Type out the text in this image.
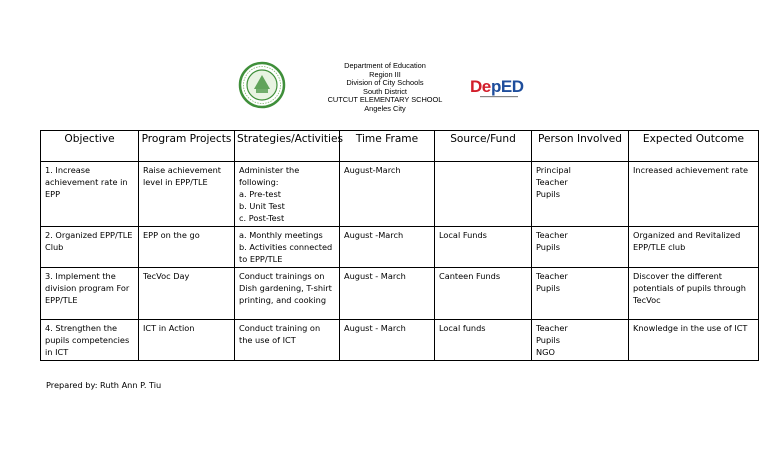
Department of Education
Region III
Division of City Schools
South District
CUTCUT ELEMENTARY SCHOOL
Angeles City
De pED
Objective	Program Projects	Strategies/Activities	Time Frame	Source/Fund	Person Involved	Expected Outcome
1. Increase achievement rate in EPP	Raise achievement level in EPP/TLE	Administer the following:
a. Pre-test
b. Unit Test
c. Post-Test	August-March		Principal
Teacher
Pupils	Increased achievement rate
2. Organized EPP/TLE Club	EPP on the go	a. Monthly meetings
b. Activities connected to EPP/TLE	August -March	Local Funds	Teacher
Pupils	Organized and Revitalized EPP/TLE club
3. Implement the division program For EPP/TLE	TecVoc Day	Conduct trainings on Dish gardening, T-shirt printing, and cooking	August - March	Canteen Funds	Teacher
Pupils	Discover the different potentials of pupils through TecVoc
4. Strengthen the pupils competencies in ICT	ICT in Action	Conduct training on the use of ICT	August - March	Local funds	Teacher
Pupils
NGO	Knowledge in the use of ICT
Prepared by: Ruth Ann P. Tiu
